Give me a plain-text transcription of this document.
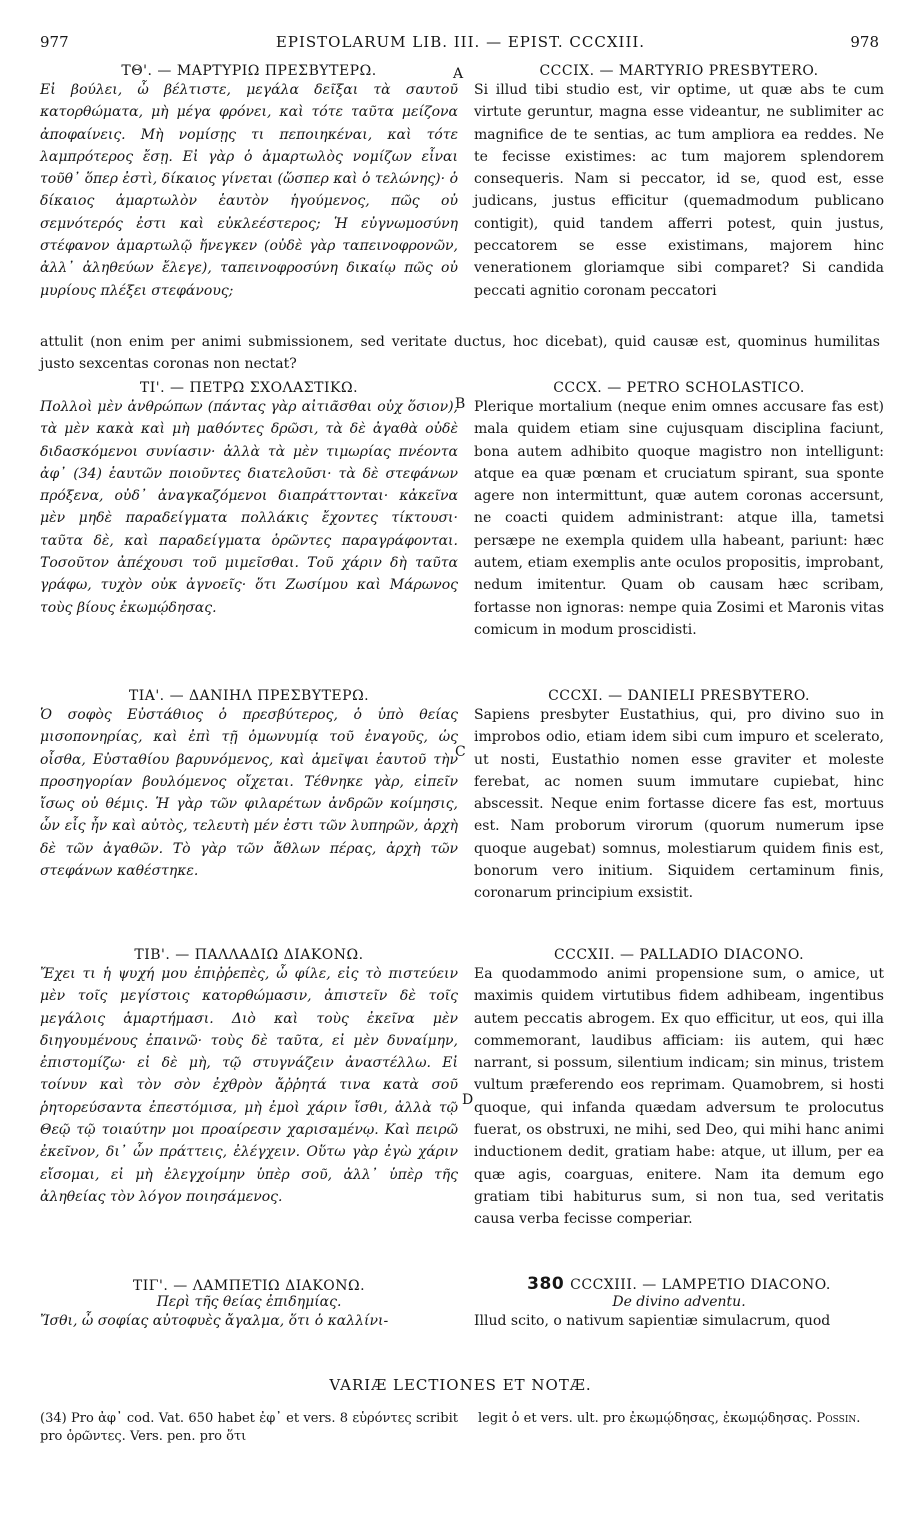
977	EPISTOLARUM LIB. III. — EPIST. CCCXIII.	978
ΤΘ'. — ΜΑΡΤΥΡΙΩ ΠΡΕΣΒΥΤΕΡΩ.

Εἰ βούλει, ὦ βέλτιστε, μεγάλα δεῖξαι τὰ σαυτοῦ κατορθώματα, μὴ μέγα φρόνει, καὶ τότε ταῦτα μείζονα ἀποφαίνεις. Μὴ νομίσῃς τι πεποιηκέναι, καὶ τότε λαμπρότερος ἔσῃ. Εἰ γὰρ ὁ ἁμαρτωλὸς νομίζων εἶναι τοῦθ᾽ ὅπερ ἐστὶ, δίκαιος γίνεται (ὥσπερ καὶ ὁ τελώνης)· ὁ δίκαιος ἁμαρτωλὸν ἑαυτὸν ἡγούμενος, πῶς οὐ σεμνότερός ἐστι καὶ εὐκλεέστερος; Ἡ εὐγνωμοσύνη στέφανον ἁμαρτωλῷ ἤνεγκεν (οὐδὲ γὰρ ταπεινοφρονῶν, ἀλλ᾽ ἀληθεύων ἔλεγε), ταπεινοφροσύνη δικαίῳ πῶς οὐ μυρίους πλέξει στεφάνους;

CCCIX. — MARTYRIO PRESBYTERO.

Si illud tibi studio est, vir optime, ut quæ abs te cum virtute geruntur, magna esse videantur, ne sublimiter ac magnifice de te sentias, ac tum ampliora ea reddes. Ne te fecisse existimes: ac tum majorem splendorem consequeris. Nam si peccator, id se, quod est, esse judicans, justus efficitur (quemadmodum publicano contigit), quid tandem afferri potest, quin justus, peccatorem se esse existimans, majorem hinc venerationem gloriamque sibi comparet? Si candida peccati agnitio coronam peccatori

A
attulit (non enim per animi submissionem, sed veritate ductus, hoc dicebat), quid causæ est, quominus humilitas justo sexcentas coronas non nectat?
ΤΙ'. — ΠΕΤΡΩ ΣΧΟΛΑΣΤΙΚΩ.

Πολλοὶ μὲν ἀνθρώπων (πάντας γὰρ αἰτιᾶσθαι οὐχ ὅσιον), τὰ μὲν κακὰ καὶ μὴ μαθόντες δρῶσι, τὰ δὲ ἀγαθὰ οὐδὲ διδασκόμενοι συνίασιν· ἀλλὰ τὰ μὲν τιμωρίας πνέοντα ἀφ᾽ (34) ἑαυτῶν ποιοῦντες διατελοῦσι· τὰ δὲ στεφάνων πρόξενα, οὐδ᾽ ἀναγκαζόμενοι διαπράττονται· κἀκεῖνα μὲν μηδὲ παραδείγματα πολλάκις ἔχοντες τίκτουσι· ταῦτα δὲ, καὶ παραδείγματα ὁρῶντες παραγράφονται. Τοσοῦτον ἀπέχουσι τοῦ μιμεῖσθαι. Τοῦ χάριν δὴ ταῦτα γράφω, τυχὸν οὐκ ἀγνοεῖς· ὅτι Ζωσίμου καὶ Μάρωνος τοὺς βίους ἐκωμῴδησας.

CCCX. — PETRO SCHOLASTICO.

Plerique mortalium (neque enim omnes accusare fas est) mala quidem etiam sine cujusquam disciplina faciunt, bona autem adhibito quoque magistro non intelligunt: atque ea quæ pœnam et cruciatum spirant, sua sponte agere non intermittunt, quæ autem coronas accersunt, ne coacti quidem administrant: atque illa, tametsi persæpe ne exempla quidem ulla habeant, pariunt: hæc autem, etiam exemplis ante oculos propositis, improbant, nedum imitentur. Quam ob causam hæc scribam, fortasse non ignoras: nempe quia Zosimi et Maronis vitas comicum in modum proscidisti.

B
ΤΙΑ'. — ΔΑΝΙΗΛ ΠΡΕΣΒΥΤΕΡΩ.

Ὁ σοφὸς Εὐστάθιος ὁ πρεσβύτερος, ὁ ὑπὸ θείας μισοπονηρίας, καὶ ἐπὶ τῇ ὁμωνυμίᾳ τοῦ ἐναγοῦς, ὡς οἶσθα, Εὐσταθίου βαρυνόμενος, καὶ ἀμεῖψαι ἑαυτοῦ τὴν προσηγορίαν βουλόμενος οἴχεται. Τέθνηκε γὰρ, εἰπεῖν ἴσως οὐ θέμις. Ἡ γὰρ τῶν φιλαρέτων ἀνδρῶν κοίμησις, ὧν εἷς ἦν καὶ αὐτὸς, τελευτὴ μέν ἐστι τῶν λυπηρῶν, ἀρχὴ δὲ τῶν ἀγαθῶν. Τὸ γὰρ τῶν ἄθλων πέρας, ἀρχὴ τῶν στεφάνων καθέστηκε.

CCCXI. — DANIELI PRESBYTERO.

Sapiens presbyter Eustathius, qui, pro divino suo in improbos odio, etiam idem sibi cum impuro et scelerato, ut nosti, Eustathio nomen esse graviter et moleste ferebat, ac nomen suum immutare cupiebat, hinc abscessit. Neque enim fortasse dicere fas est, mortuus est. Nam proborum virorum (quorum numerum ipse quoque augebat) somnus, molestiarum quidem finis est, bonorum vero initium. Siquidem certaminum finis, coronarum principium exsistit.

C
ΤΙΒ'. — ΠΑΛΛΑΔΙΩ ΔΙΑΚΟΝΩ.

Ἔχει τι ἡ ψυχή μου ἐπιῤῥεπὲς, ὦ φίλε, εἰς τὸ πιστεύειν μὲν τοῖς μεγίστοις κατορθώμασιν, ἀπιστεῖν δὲ τοῖς μεγάλοις ἁμαρτήμασι. Διὸ καὶ τοὺς ἐκεῖνα μὲν διηγουμένους ἐπαινῶ· τοὺς δὲ ταῦτα, εἰ μὲν δυναίμην, ἐπιστομίζω· εἰ δὲ μὴ, τῷ στυγνάζειν ἀναστέλλω. Εἰ τοίνυν καὶ τὸν σὸν ἐχθρὸν ἄῤῥητά τινα κατὰ σοῦ ῥητορεύσαντα ἐπεστόμισα, μὴ ἐμοὶ χάριν ἴσθι, ἀλλὰ τῷ Θεῷ τῷ τοιαύτην μοι προαίρεσιν χαρισαμένῳ. Καὶ πειρῶ ἐκεῖνον, δι᾽ ὧν πράττεις, ἐλέγχειν. Οὕτω γὰρ ἐγὼ χάριν εἴσομαι, εἰ μὴ ἐλεγχοίμην ὑπὲρ σοῦ, ἀλλ᾽ ὑπὲρ τῆς ἀληθείας τὸν λόγον ποιησάμενος.

CCCXII. — PALLADIO DIACONO.

Ea quodammodo animi propensione sum, o amice, ut maximis quidem virtutibus fidem adhibeam, ingentibus autem peccatis abrogem. Ex quo efficitur, ut eos, qui illa commemorant, laudibus afficiam: iis autem, qui hæc narrant, si possum, silentium indicam; sin minus, tristem vultum præferendo eos reprimam. Quamobrem, si hosti quoque, qui infanda quædam adversum te prolocutus fuerat, os obstruxi, ne mihi, sed Deo, qui mihi hanc animi inductionem dedit, gratiam habe: atque, ut illum, per ea quæ agis, coarguas, enitere. Nam ita demum ego gratiam tibi habiturus sum, si non tua, sed veritatis causa verba fecisse comperiar.

D
ΤΙΓ'. — ΛΑΜΠΕΤΙΩ ΔΙΑΚΟΝΩ.
Περὶ τῆς θείας ἐπιδημίας.

Ἴσθι, ὦ σοφίας αὐτοφυὲς ἄγαλμα, ὅτι ὁ καλλίνι-

380 CCCXIII. — LAMPETIO DIACONO.
De divino adventu.

Illud scito, o nativum sapientiæ simulacrum, quod

VARIÆ LECTIONES ET NOTÆ.
(34) Pro ἀφ᾽ cod. Vat. 650 habet ἐφ᾽ et vers. 8 εὑρόντες scribit pro ὁρῶντες. Vers. pen. pro ὅτι
legit ὁ et vers. ult. pro ἐκωμῴδησας, ἐκωμῴδησας. Possin.
